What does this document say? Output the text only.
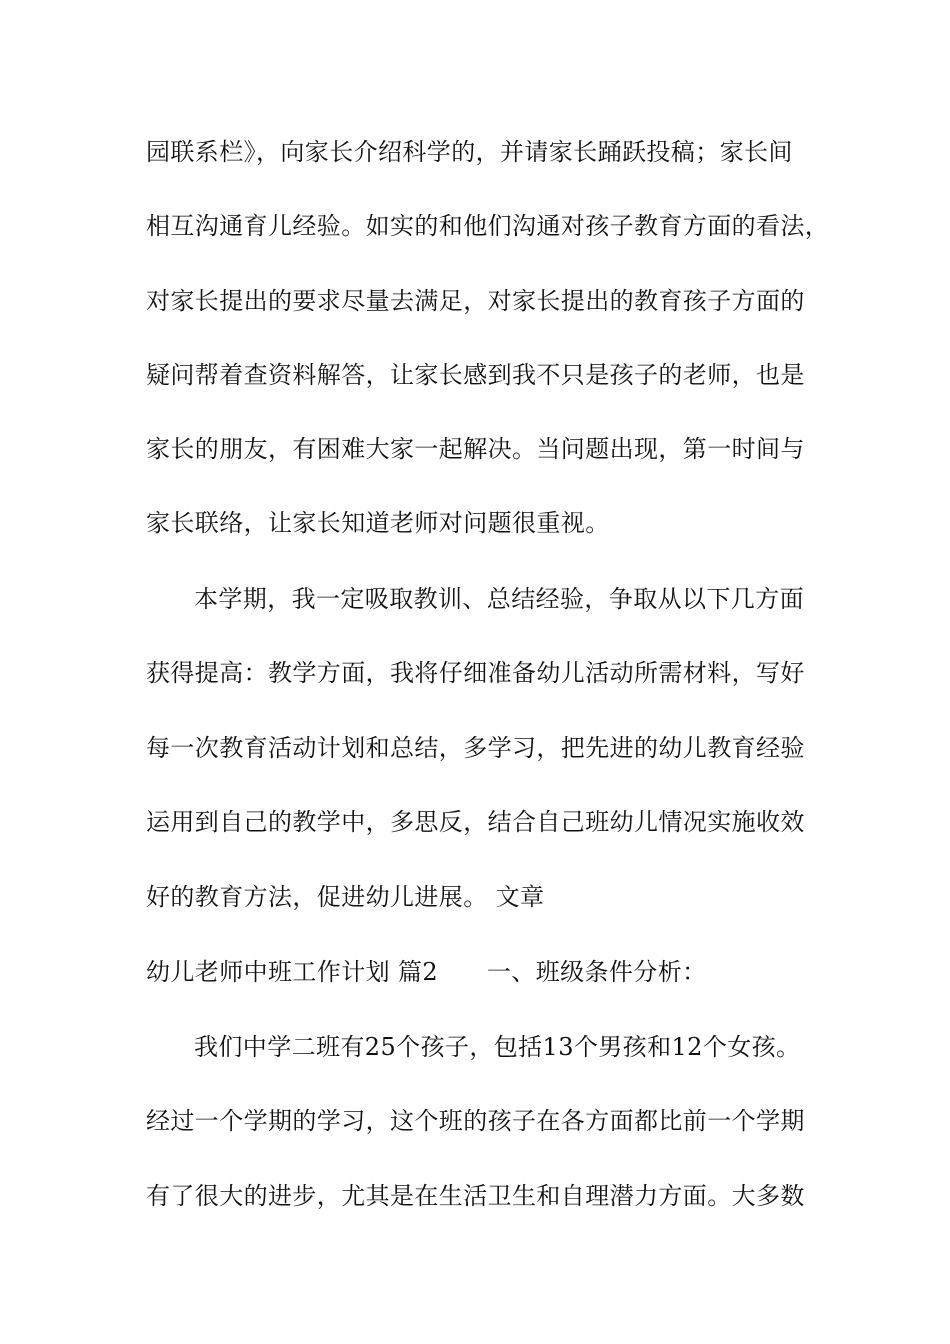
园联系栏》，向家长介绍科学的，并请家长踊跃投稿；家长间
相互沟通育儿经验。如实的和他们沟通对孩子教育方面的看法，
对家长提出的要求尽量去满足，对家长提出的教育孩子方面的
疑问帮着查资料解答，让家长感到我不只是孩子的老师，也是
家长的朋友，有困难大家一起解决。当问题出现，第一时间与
家长联络，让家长知道老师对问题很重视。
本学期，我一定吸取教训、总结经验，争取从以下几方面
获得提高：教学方面，我将仔细准备幼儿活动所需材料，写好
每一次教育活动计划和总结，多学习，把先进的幼儿教育经验
运用到自己的教学中，多思反，结合自己班幼儿情况实施收效
好的教育方法，促进幼儿进展。 文章
幼儿老师中班工作计划 篇2　　一、班级条件分析：
我们中学二班有25个孩子，包括13个男孩和12个女孩。
经过一个学期的学习，这个班的孩子在各方面都比前一个学期
有了很大的进步，尤其是在生活卫生和自理潜力方面。大多数
